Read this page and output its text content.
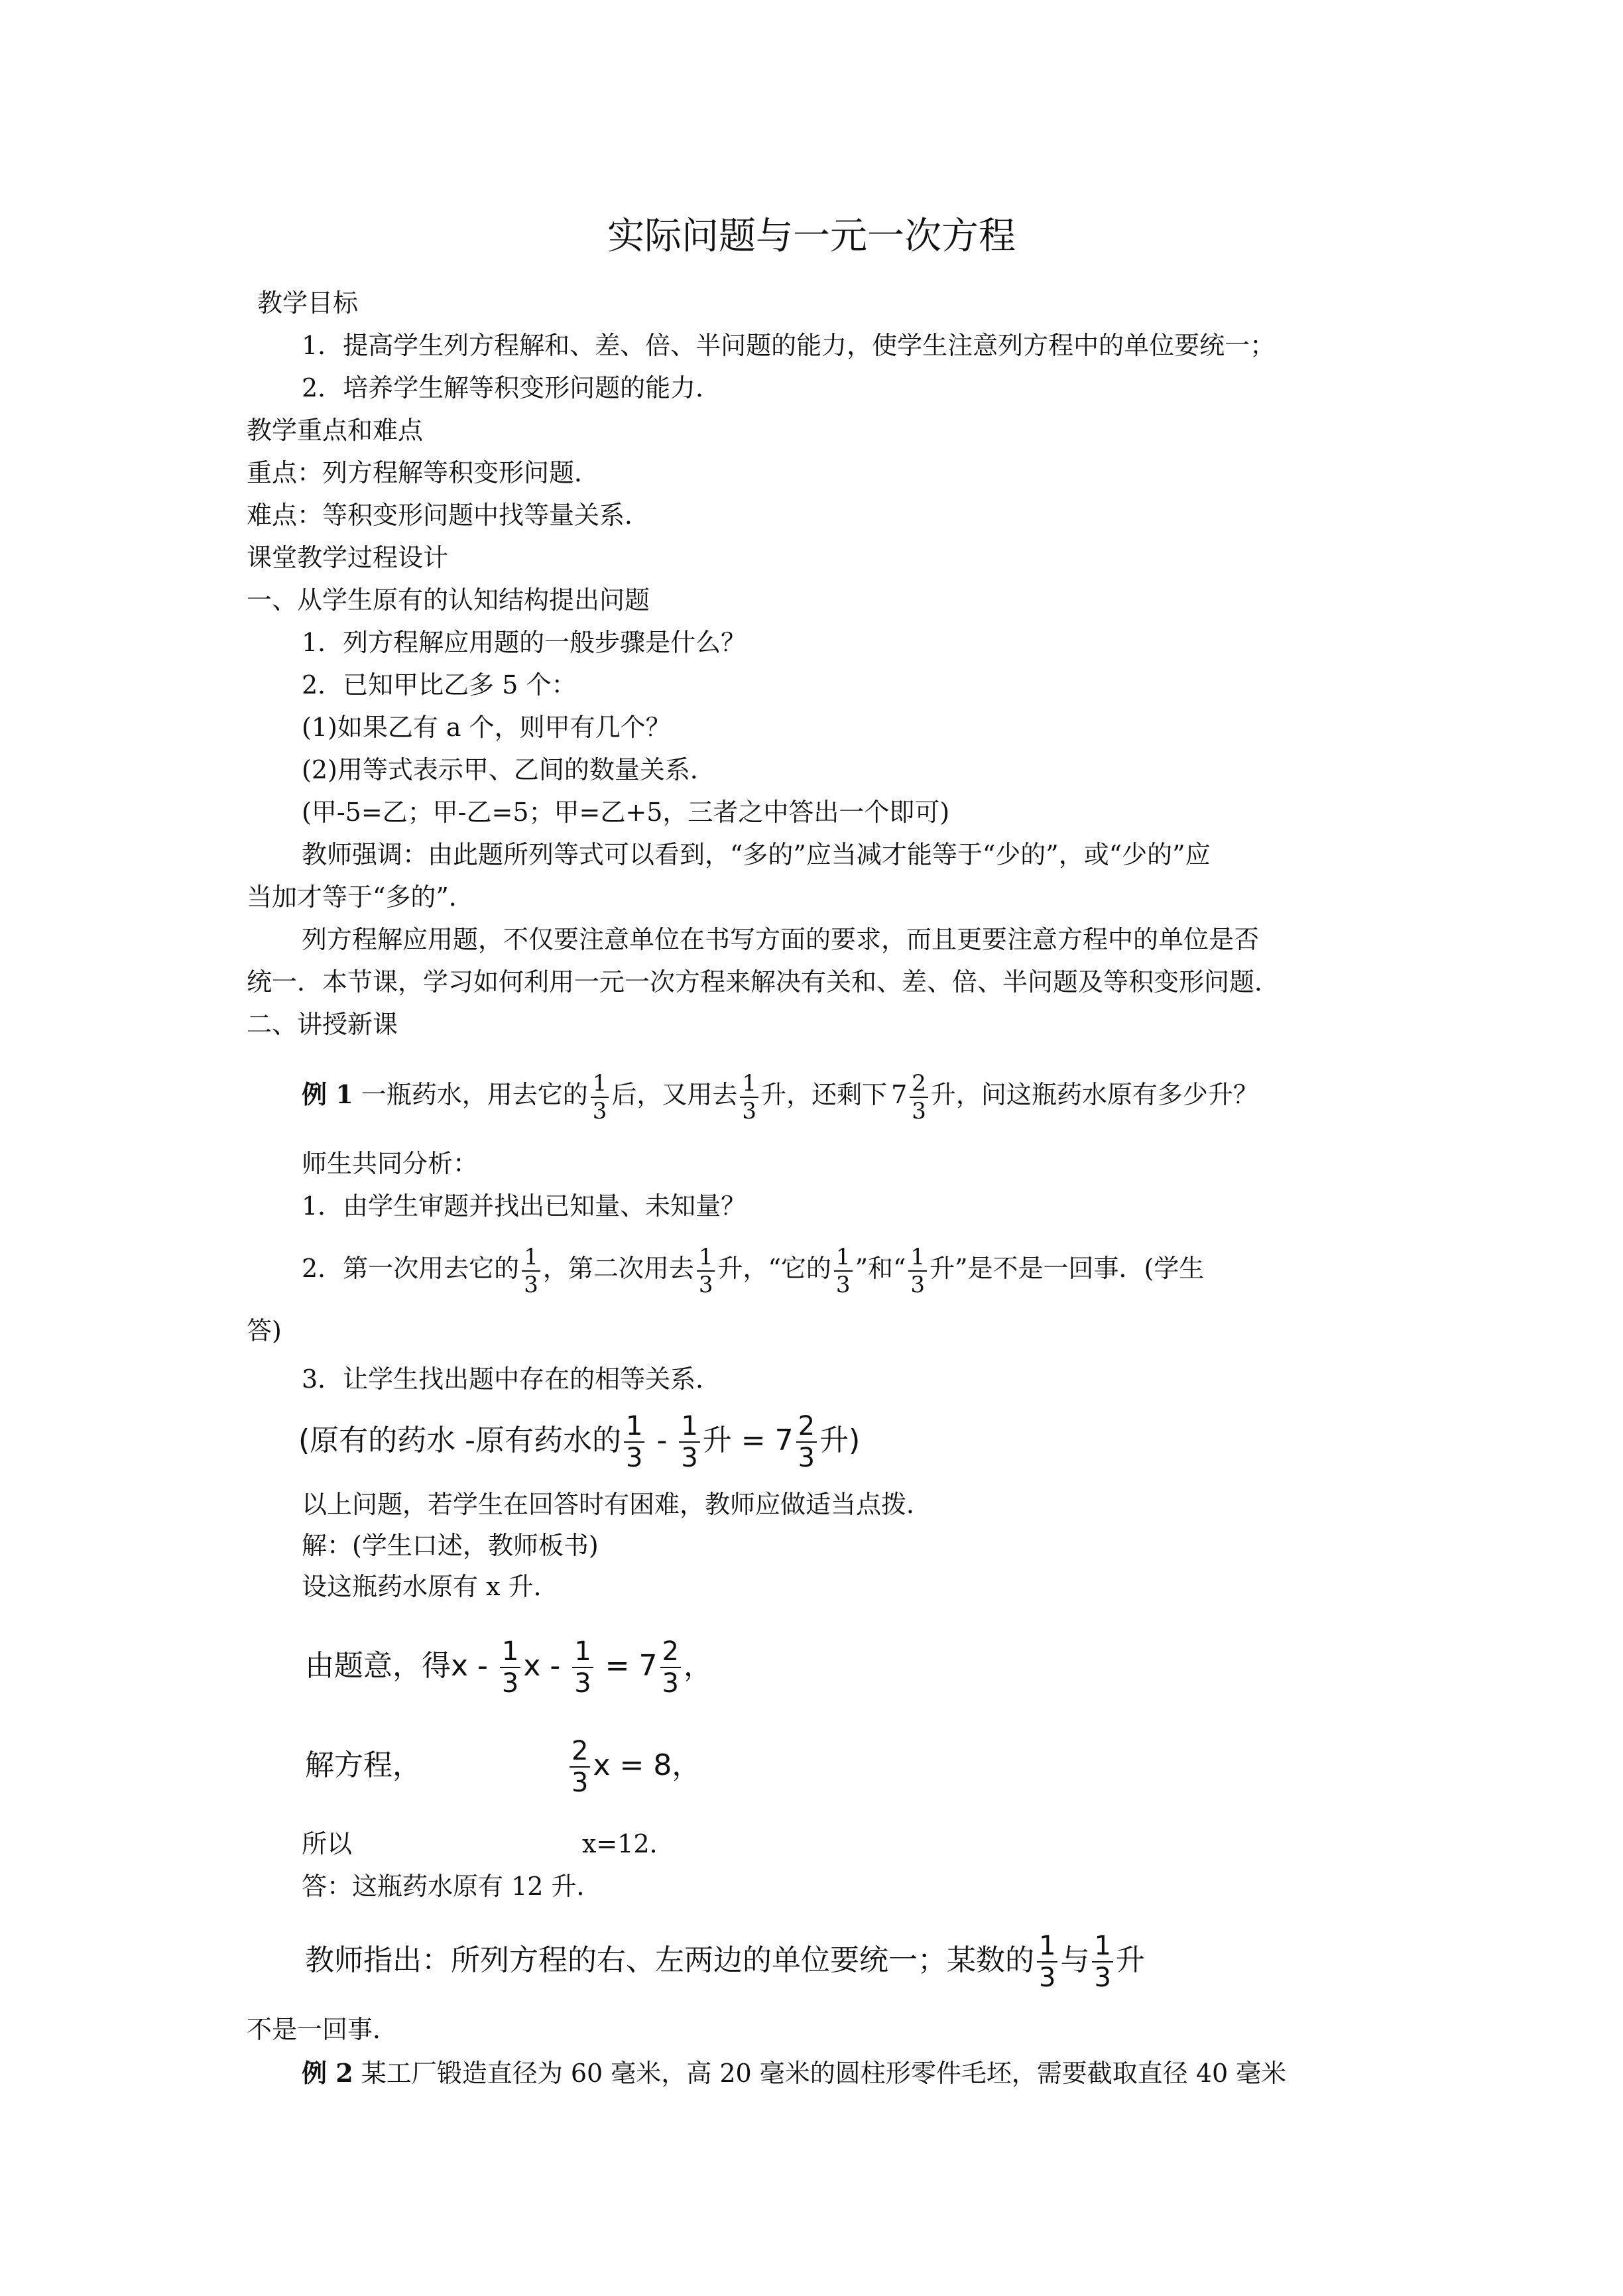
实际问题与一元一次方程
教学目标
1．提高学生列方程解和、差、倍、半问题的能力，使学生注意列方程中的单位要统一；
2．培养学生解等积变形问题的能力．
教学重点和难点
重点：列方程解等积变形问题．
难点：等积变形问题中找等量关系．
课堂教学过程设计
一、从学生原有的认知结构提出问题
1．列方程解应用题的一般步骤是什么？
2．已知甲比乙多 5 个：
(1)如果乙有 a 个，则甲有几个？
(2)用等式表示甲、乙间的数量关系．
(甲-5=乙；甲-乙=5；甲=乙+5，三者之中答出一个即可)
教师强调：由此题所列等式可以看到，“多的”应当减才能等于“少的”，或“少的”应
当加才等于“多的”．
列方程解应用题，不仅要注意单位在书写方面的要求，而且更要注意方程中的单位是否
统一．本节课，学习如何利用一元一次方程来解决有关和、差、倍、半问题及等积变形问题．
二、讲授新课
例 1 一瓶药水，用去它的 $\frac{1}{3}$ 后，又用去 $\frac{1}{3}$ 升，还剩下 $7 \frac{2}{3}$ 升，问这瓶药水原有多少升？
师生共同分析：
1．由学生审题并找出已知量、未知量？
2．第一次用去它的 $\frac{1}{3}$ ，第二次用去 $\frac{1}{3}$ 升，“它的 $\frac{1}{3}$ ”和“ $\frac{1}{3}$ 升”是不是一回事．(学生
答)
3．让学生找出题中存在的相等关系．
(原有的药水 -原有药水的 $\frac{1}{3} - \frac{1}{3}$ 升 = $7 \frac{2}{3}$ 升)
以上问题，若学生在回答时有困难，教师应做适当点拨．
解：(学生口述，教师板书)
设这瓶药水原有 x 升．
由题意，得x - $\frac{1}{3}$ $x - \frac{1}{3} = 7 \frac{2}{3}$ ，
解方程，	$\frac{2}{3}$ x = 8，
所以	x=12．
答：这瓶药水原有 12 升．
教师指出：所列方程的右、左两边的单位要统一；某数的 $\frac{1}{3}$ 与 $\frac{1}{3}$ 升
不是一回事．
例 2 某工厂锻造直径为 60 毫米，高 20 毫米的圆柱形零件毛坯，需要截取直径 40 毫米
